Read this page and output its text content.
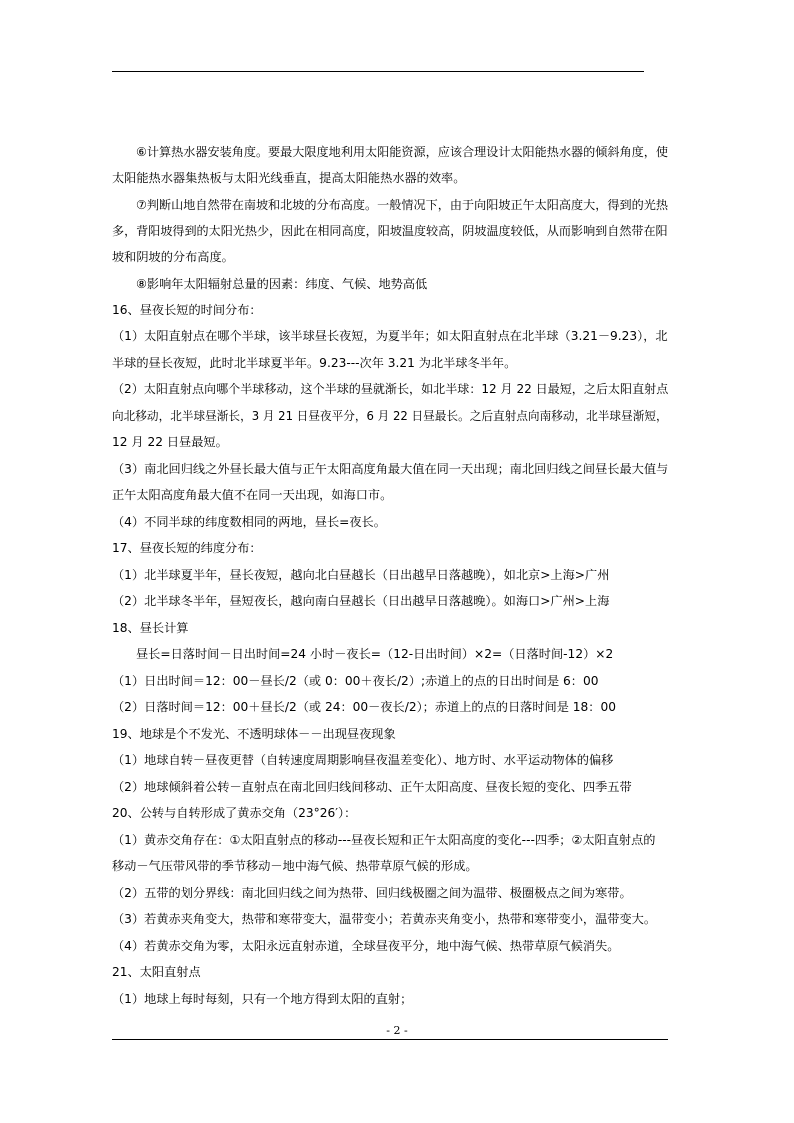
⑥计算热水器安装角度。要最大限度地利用太阳能资源，应该合理设计太阳能热水器的倾斜角度，使
太阳能热水器集热板与太阳光线垂直，提高太阳能热水器的效率。
⑦判断山地自然带在南坡和北坡的分布高度。一般情况下，由于向阳坡正午太阳高度大，得到的光热
多，背阳坡得到的太阳光热少，因此在相同高度，阳坡温度较高，阴坡温度较低，从而影响到自然带在阳
坡和阴坡的分布高度。
⑧影响年太阳辐射总量的因素：纬度、气候、地势高低
16、昼夜长短的时间分布：
（1）太阳直射点在哪个半球，该半球昼长夜短，为夏半年；如太阳直射点在北半球（3.21－9.23），北
半球的昼长夜短，此时北半球夏半年。9.23---次年 3.21 为北半球冬半年。
（2）太阳直射点向哪个半球移动，这个半球的昼就渐长，如北半球：12 月 22 日最短，之后太阳直射点
向北移动，北半球昼渐长，3 月 21 日昼夜平分，6 月 22 日昼最长。之后直射点向南移动，北半球昼渐短，
12 月 22 日昼最短。
（3）南北回归线之外昼长最大值与正午太阳高度角最大值在同一天出现；南北回归线之间昼长最大值与
正午太阳高度角最大值不在同一天出现，如海口市。
（4）不同半球的纬度数相同的两地，昼长=夜长。
17、昼夜长短的纬度分布：
（1）北半球夏半年，昼长夜短，越向北白昼越长（日出越早日落越晚），如北京>上海>广州
（2）北半球冬半年，昼短夜长，越向南白昼越长（日出越早日落越晚）。如海口>广州>上海
18、昼长计算
昼长=日落时间－日出时间=24 小时－夜长=（12-日出时间）×2=（日落时间-12）×2
（1）日出时间＝12：00－昼长/2（或 0：00＋夜长/2）;赤道上的点的日出时间是 6：00
（2）日落时间＝12：00＋昼长/2（或 24：00－夜长/2）；赤道上的点的日落时间是 18：00
19、地球是个不发光、不透明球体－－出现昼夜现象
（1）地球自转－昼夜更替（自转速度周期影响昼夜温差变化）、地方时、水平运动物体的偏移
（2）地球倾斜着公转－直射点在南北回归线间移动、正午太阳高度、昼夜长短的变化、四季五带
20、公转与自转形成了黄赤交角（23°26′）：
（1）黄赤交角存在：①太阳直射点的移动---昼夜长短和正午太阳高度的变化---四季；②太阳直射点的
移动－气压带风带的季节移动－地中海气候、热带草原气候的形成。
（2）五带的划分界线：南北回归线之间为热带、回归线极圈之间为温带、极圈极点之间为寒带。
（3）若黄赤夹角变大，热带和寒带变大，温带变小；若黄赤夹角变小，热带和寒带变小，温带变大。
（4）若黄赤交角为零，太阳永远直射赤道，全球昼夜平分，地中海气候、热带草原气候消失。
21、太阳直射点
（1）地球上每时每刻，只有一个地方得到太阳的直射；
- 2 -
